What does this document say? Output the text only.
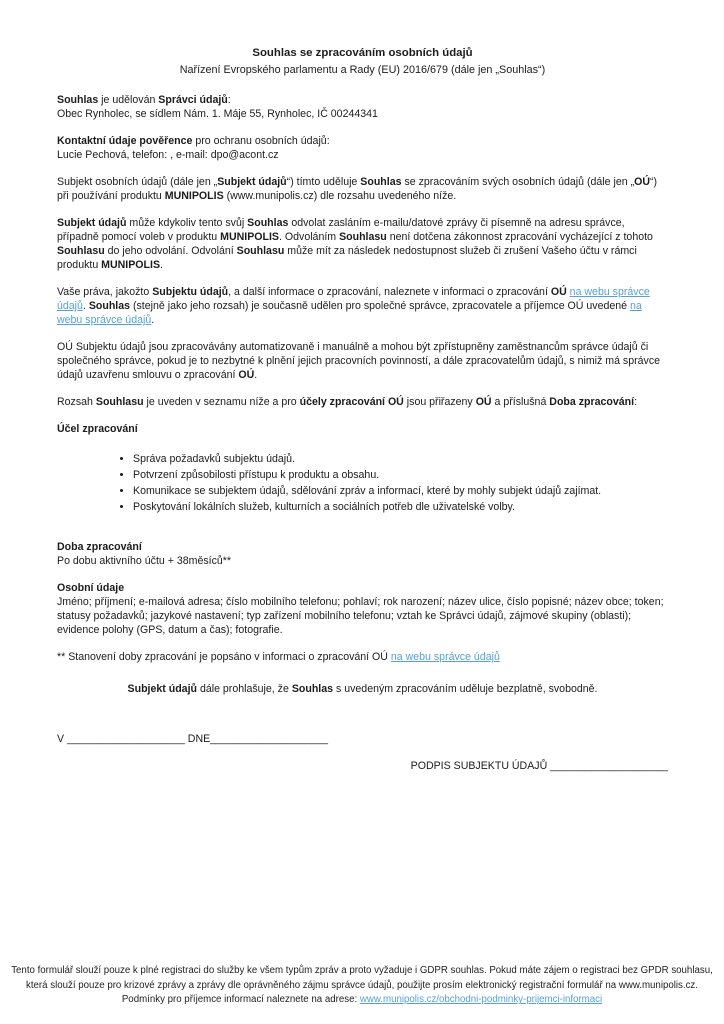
Souhlas se zpracováním osobních údajů

Nařízení Evropského parlamentu a Rady (EU) 2016/679 (dále jen „Souhlas“)

Souhlas je udělován Správci údajů:
Obec Rynholec, se sídlem Nám. 1. Máje 55, Rynholec, IČ 00244341

Kontaktní údaje pověřence pro ochranu osobních údajů:
Lucie Pechová, telefon: , e-mail: dpo@acont.cz

Subjekt osobních údajů (dále jen „Subjekt údajů“) tímto uděluje Souhlas se zpracováním svých osobních údajů (dále jen „OÚ“) při používání produktu MUNIPOLIS (www.munipolis.cz) dle rozsahu uvedeného níže.

Subjekt údajů může kdykoliv tento svůj Souhlas odvolat zasláním e-mailu/datové zprávy či písemně na adresu správce, případně pomocí voleb v produktu MUNIPOLIS. Odvoláním Souhlasu není dotčena zákonnost zpracování vycházející z tohoto Souhlasu do jeho odvolání. Odvolání Souhlasu může mít za následek nedostupnost služeb či zrušení Vašeho účtu v rámci produktu MUNIPOLIS.

Vaše práva, jakožto Subjektu údajů, a další informace o zpracování, naleznete v informaci o zpracování OÚ na webu správce údajů. Souhlas (stejně jako jeho rozsah) je současně udělen pro společné správce, zpracovatele a příjemce OÚ uvedené na webu správce údajů.

OÚ Subjektu údajů jsou zpracovávány automatizovaně i manuálně a mohou být zpřístupněny zaměstnancům správce údajů či společného správce, pokud je to nezbytné k plnění jejich pracovních povinností, a dále zpracovatelům údajů, s nimiž má správce údajů uzavřenu smlouvu o zpracování OÚ.

Rozsah Souhlasu je uveden v seznamu níže a pro účely zpracování OÚ jsou přiřazeny OÚ a příslušná Doba zpracování:

Účel zpracování

• Správa požadavků subjektu údajů.
• Potvrzení způsobilosti přístupu k produktu a obsahu.
• Komunikace se subjektem údajů, sdělování zpráv a informací, které by mohly subjekt údajů zajímat.
• Poskytování lokálních služeb, kulturních a sociálních potřeb dle uživatelské volby.

Doba zpracování

Po dobu aktivního účtu + 38měsíců**

Osobní údaje

Jméno; příjmení; e-mailová adresa; číslo mobilního telefonu; pohlaví; rok narození; název ulice, číslo popisné; název obce; token; statusy požadavků; jazykové nastavení; typ zařízení mobilního telefonu; vztah ke Správci údajů, zájmové skupiny (oblasti); evidence polohy (GPS, datum a čas); fotografie.

** Stanovení doby zpracování je popsáno v informaci o zpracování OÚ na webu správce údajů

Subjekt údajů dále prohlašuje, že Souhlas s uvedeným zpracováním uděluje bezplatně, svobodně.

V ____________________ DNE____________________

PODPIS SUBJEKTU ÚDAJŮ ____________________

Tento formulář slouží pouze k plné registraci do služby ke všem typům zpráv a proto vyžaduje i GDPR souhlas. Pokud máte zájem o registraci bez GPDR souhlasu,
která slouží pouze pro krizové zprávy a zprávy dle oprávněného zájmu správce údajů, použijte prosím elektronický registrační formulář na www.munipolis.cz.
Podmínky pro příjemce informací naleznete na adrese: www.munipolis.cz/obchodni-podminky-prijemci-informaci
